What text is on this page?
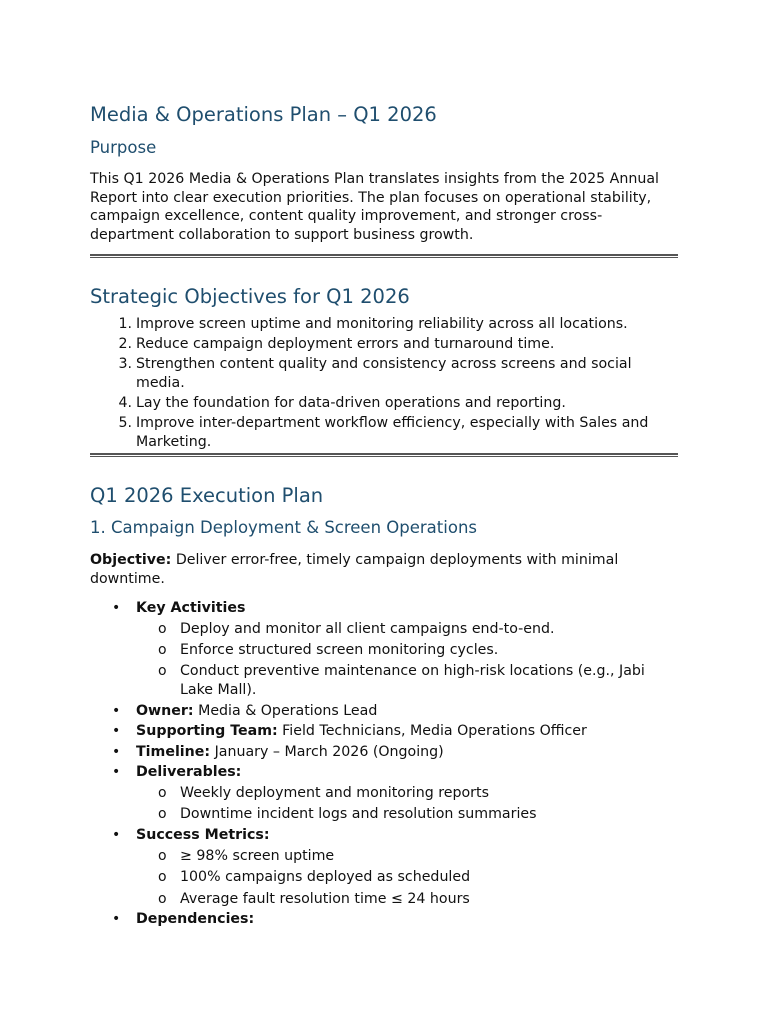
Media & Operations Plan – Q1 2026
Purpose
This Q1 2026 Media & Operations Plan translates insights from the 2025 Annual Report into clear execution priorities. The plan focuses on operational stability, campaign excellence, content quality improvement, and stronger cross-department collaboration to support business growth.
Strategic Objectives for Q1 2026
1. Improve screen uptime and monitoring reliability across all locations.
2. Reduce campaign deployment errors and turnaround time.
3. Strengthen content quality and consistency across screens and social media.
4. Lay the foundation for data-driven operations and reporting.
5. Improve inter-department workflow efficiency, especially with Sales and Marketing.
Q1 2026 Execution Plan
1. Campaign Deployment & Screen Operations
Objective: Deliver error-free, timely campaign deployments with minimal downtime.
• Key Activities
o Deploy and monitor all client campaigns end-to-end.
o Enforce structured screen monitoring cycles.
o Conduct preventive maintenance on high-risk locations (e.g., Jabi Lake Mall).
• Owner: Media & Operations Lead
• Supporting Team: Field Technicians, Media Operations Officer
• Timeline: January – March 2026 (Ongoing)
• Deliverables:
o Weekly deployment and monitoring reports
o Downtime incident logs and resolution summaries
• Success Metrics:
o ≥ 98% screen uptime
o 100% campaigns deployed as scheduled
o Average fault resolution time ≤ 24 hours
• Dependencies:
